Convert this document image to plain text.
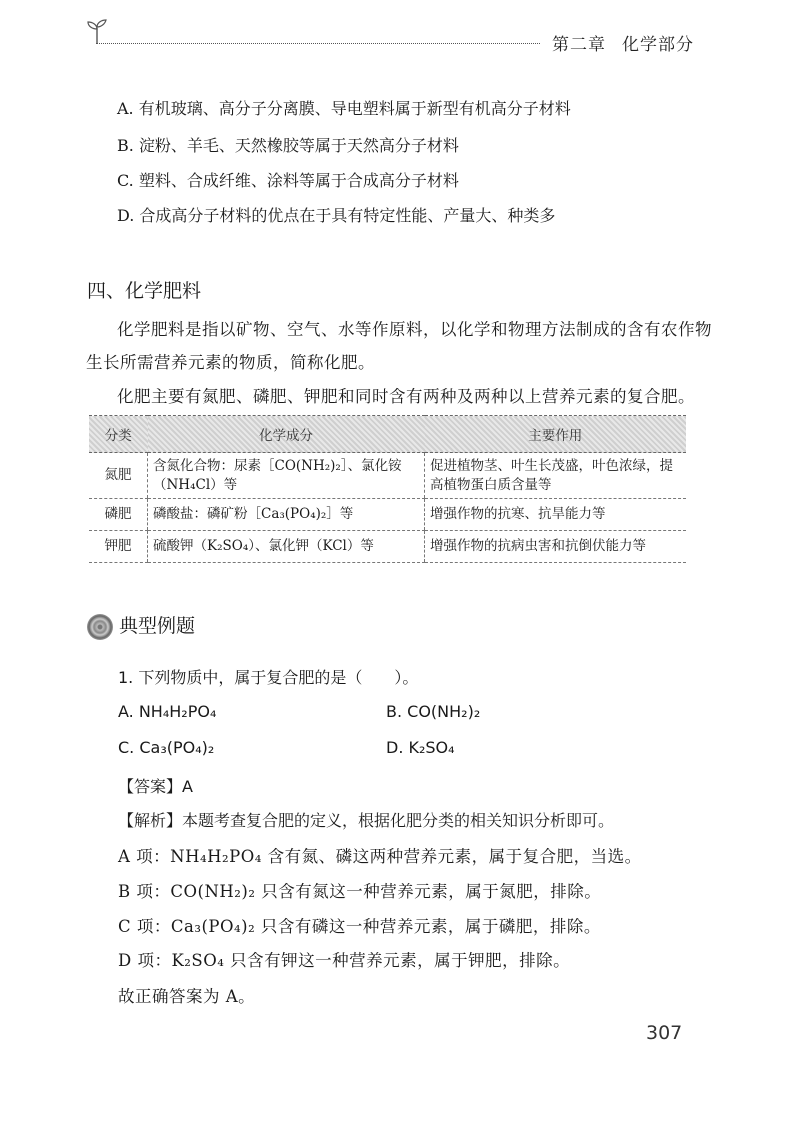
第二章 化学部分
A. 有机玻璃、高分子分离膜、导电塑料属于新型有机高分子材料
B. 淀粉、羊毛、天然橡胶等属于天然高分子材料
C. 塑料、合成纤维、涂料等属于合成高分子材料
D. 合成高分子材料的优点在于具有特定性能、产量大、种类多
四、化学肥料
化学肥料是指以矿物、空气、水等作原料，以化学和物理方法制成的含有农作物
生长所需营养元素的物质，简称化肥。
化肥主要有氮肥、磷肥、钾肥和同时含有两种及两种以上营养元素的复合肥。
分类	化学成分	主要作用
氮肥	含氮化合物：尿素［CO(NH₂)₂］、氯化铵（NH₄Cl）等	促进植物茎、叶生长茂盛，叶色浓绿，提高植物蛋白质含量等
磷肥	磷酸盐：磷矿粉［Ca₃(PO₄)₂］等	增强作物的抗寒、抗旱能力等
钾肥	硫酸钾（K₂SO₄）、氯化钾（KCl）等	增强作物的抗病虫害和抗倒伏能力等
典型例题
1. 下列物质中，属于复合肥的是（　　）。
A. NH₄H₂PO₄	B. CO(NH₂)₂
C. Ca₃(PO₄)₂	D. K₂SO₄
【答案】A
【解析】本题考查复合肥的定义，根据化肥分类的相关知识分析即可。
A 项：NH₄H₂PO₄ 含有氮、磷这两种营养元素，属于复合肥，当选。
B 项：CO(NH₂)₂ 只含有氮这一种营养元素，属于氮肥，排除。
C 项：Ca₃(PO₄)₂ 只含有磷这一种营养元素，属于磷肥，排除。
D 项：K₂SO₄ 只含有钾这一种营养元素，属于钾肥，排除。
故正确答案为 A。
307
